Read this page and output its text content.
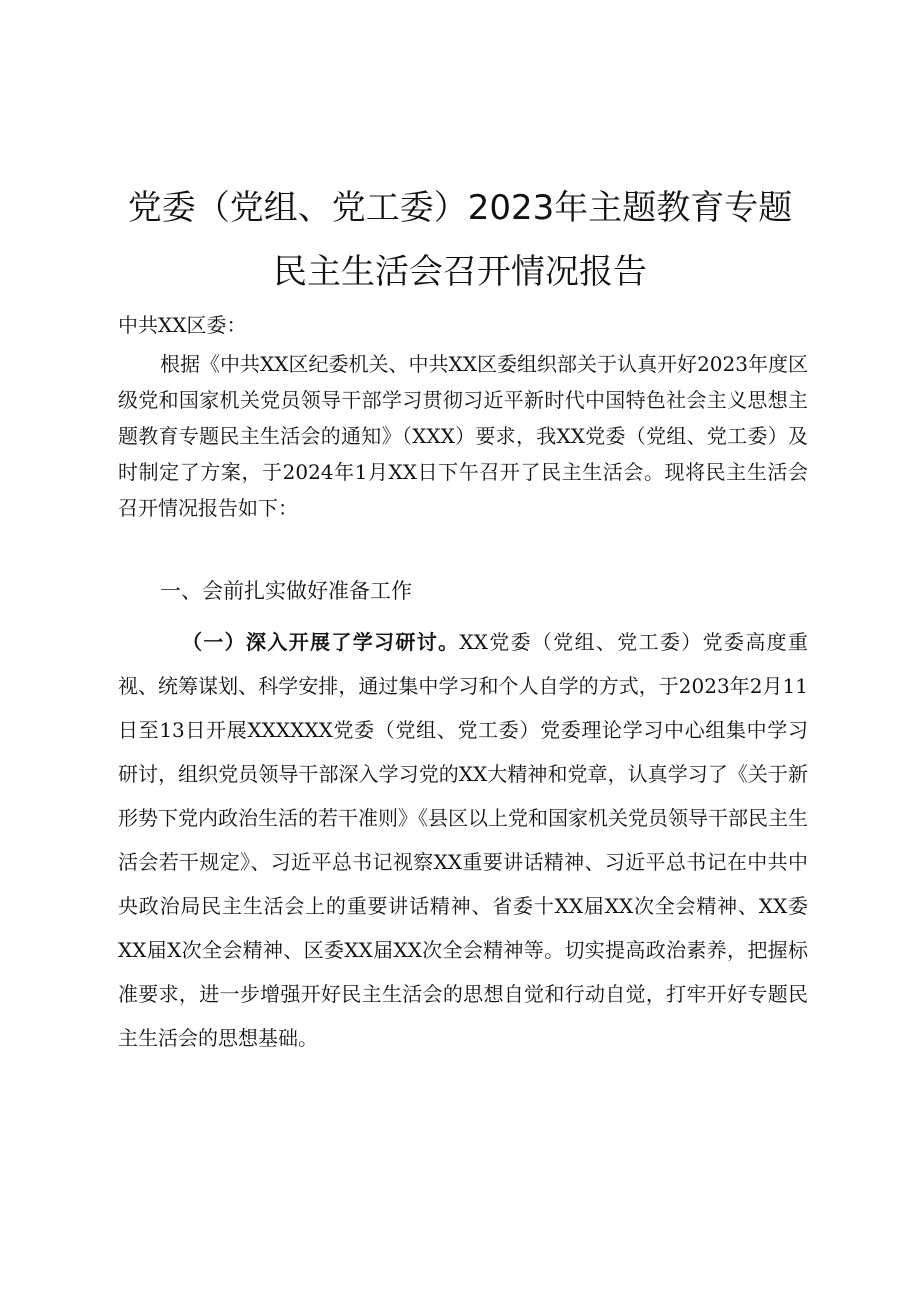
党委（党组、党工委）2023年主题教育专题
民主生活会召开情况报告
中共XX区委：
根据《中共XX区纪委机关、中共XX区委组织部关于认真开好2023年度区级党和国家机关党员领导干部学习贯彻习近平新时代中国特色社会主义思想主题教育专题民主生活会的通知》（XXX）要求，我XX党委（党组、党工委）及时制定了方案，于2024年1月XX日下午召开了民主生活会。现将民主生活会召开情况报告如下：
一、会前扎实做好准备工作
（一）深入开展了学习研讨。XX党委（党组、党工委）党委高度重视、统筹谋划、科学安排，通过集中学习和个人自学的方式，于2023年2月11日至13日开展XXXXXX党委（党组、党工委）党委理论学习中心组集中学习研讨，组织党员领导干部深入学习党的XX大精神和党章，认真学习了《关于新形势下党内政治生活的若干准则》《县区以上党和国家机关党员领导干部民主生活会若干规定》、习近平总书记视察XX重要讲话精神、习近平总书记在中共中央政治局民主生活会上的重要讲话精神、省委十XX届XX次全会精神、XX委XX届X次全会精神、区委XX届XX次全会精神等。切实提高政治素养，把握标准要求，进一步增强开好民主生活会的思想自觉和行动自觉，打牢开好专题民主生活会的思想基础。
